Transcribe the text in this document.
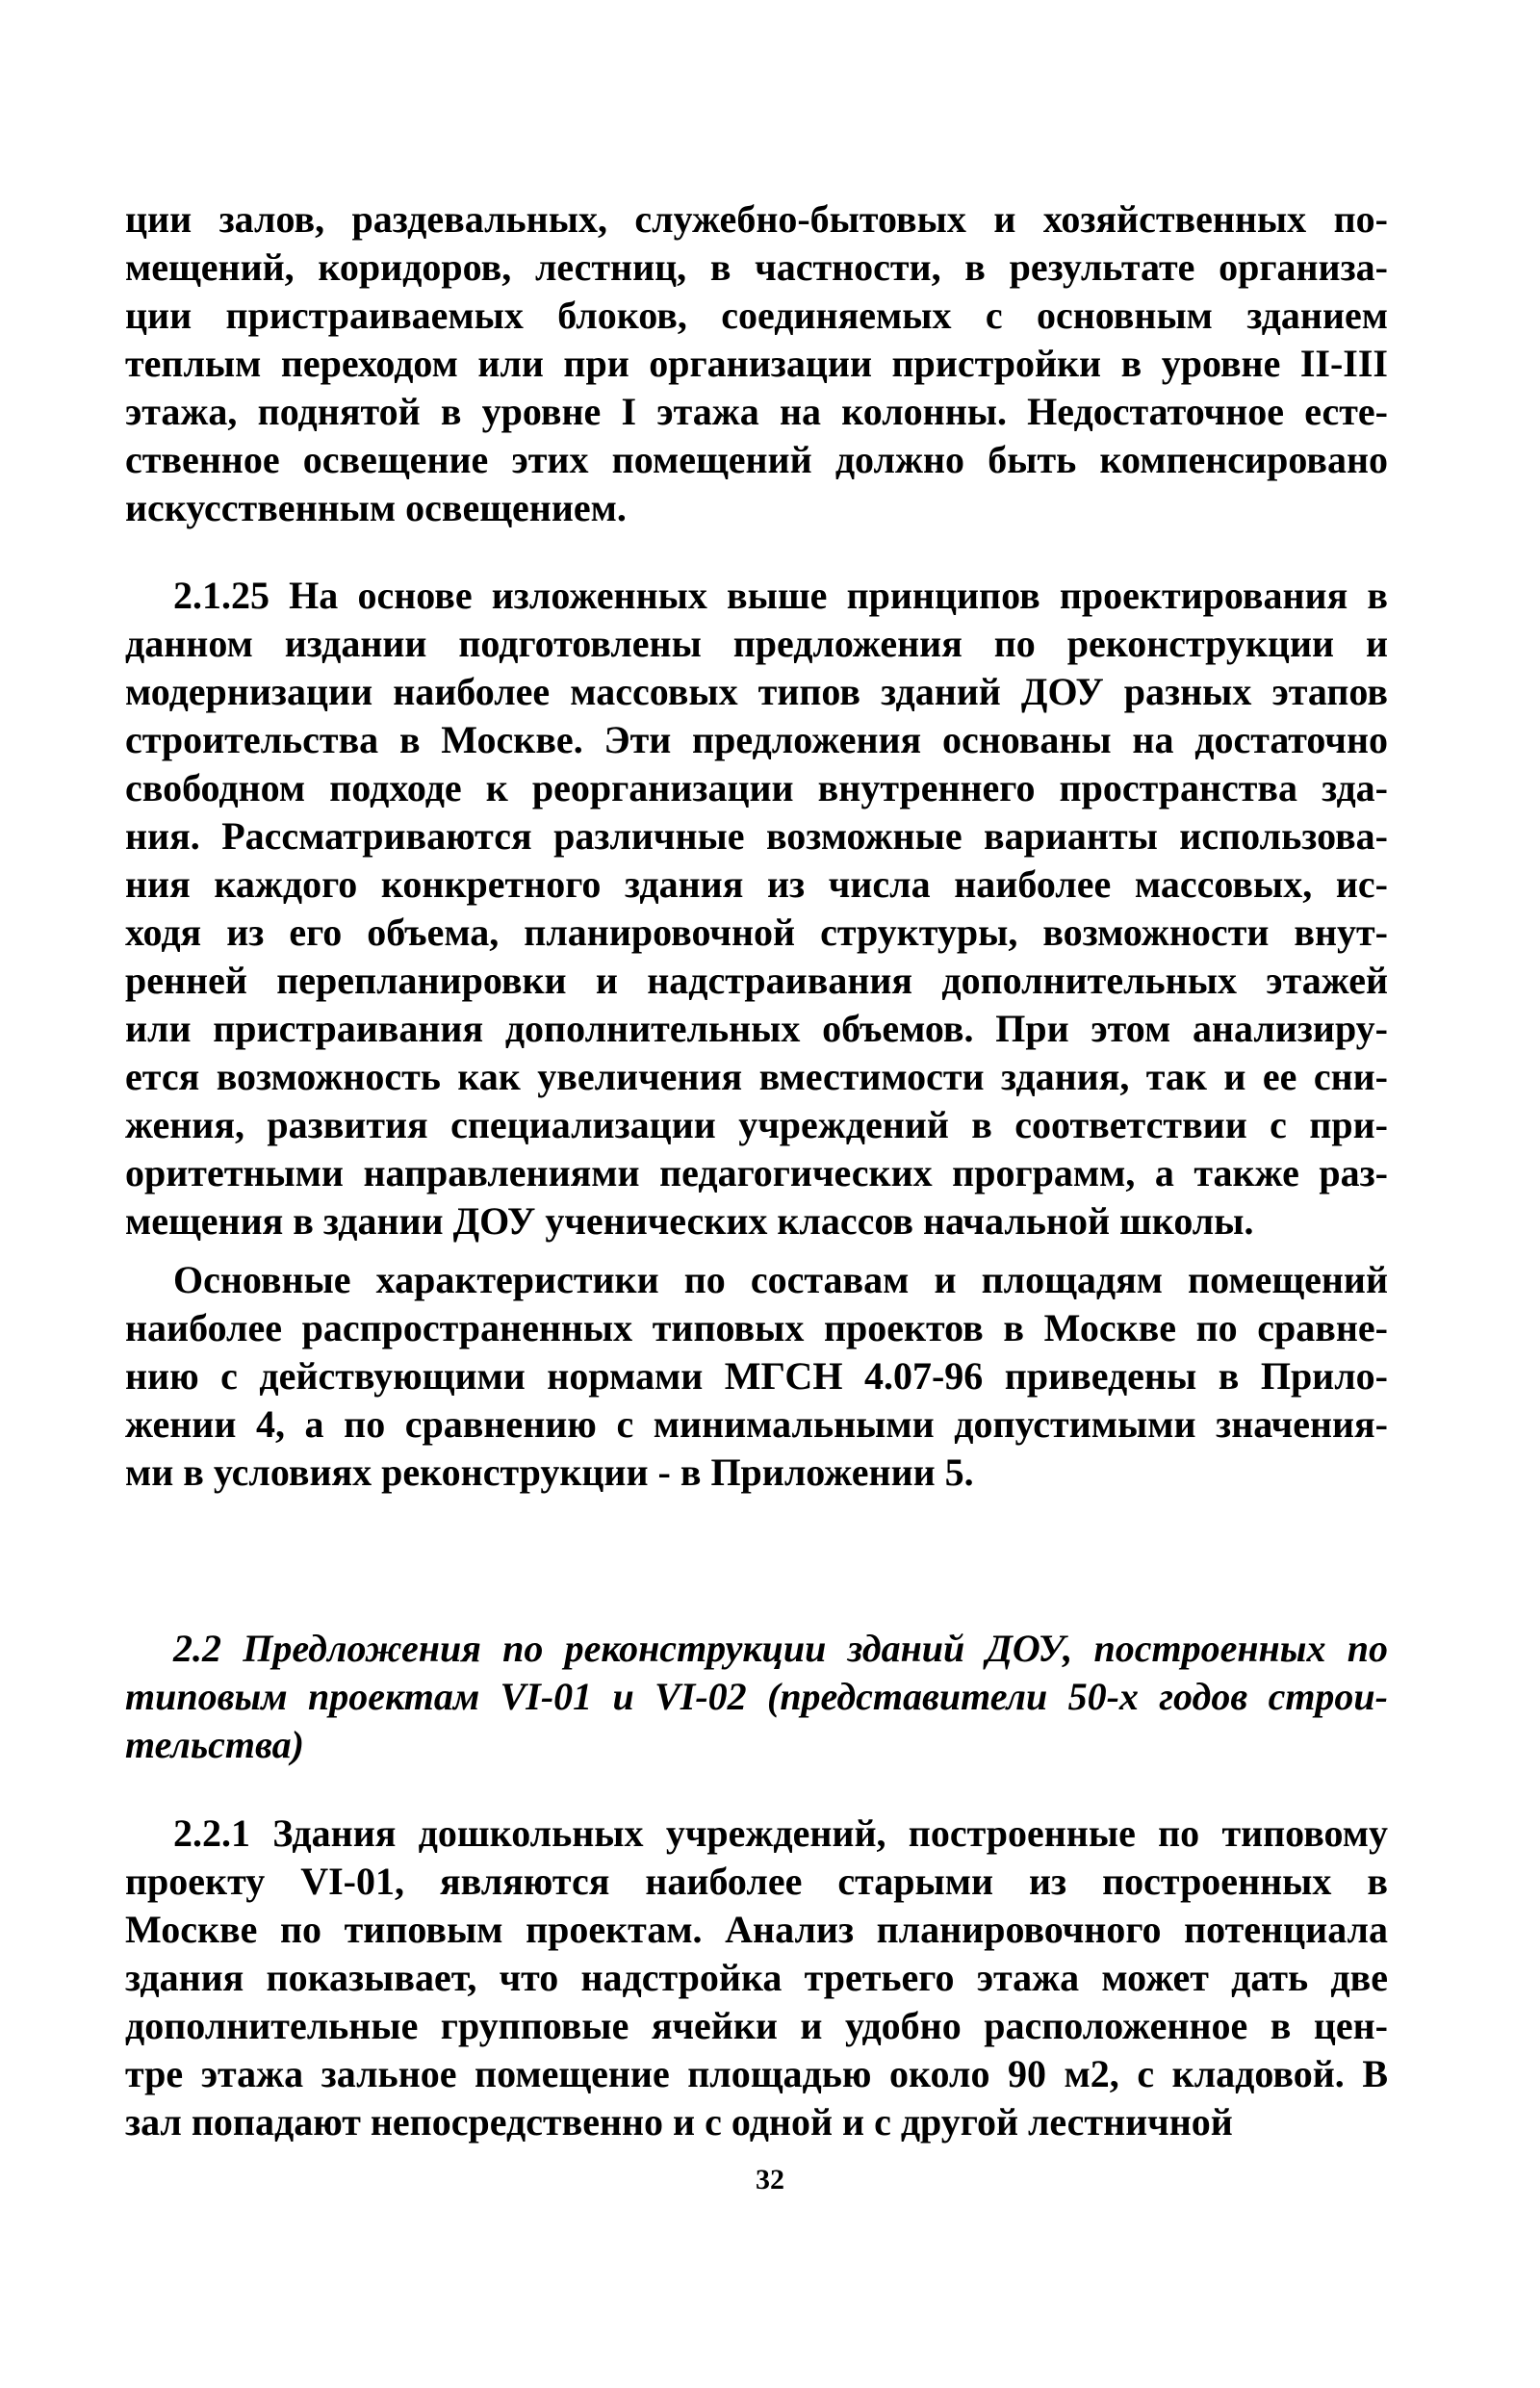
ции залов, раздевальных, служебно-бытовых и хозяйственных по-
мещений, коридоров, лестниц, в частности, в результате организа-
ции пристраиваемых блоков, соединяемых с основным зданием
теплым переходом или при организации пристройки в уровне II-III
этажа, поднятой в уровне I этажа на колонны. Недостаточное есте-
ственное освещение этих помещений должно быть компенсировано
искусственным освещением.
2.1.25 На основе изложенных выше принципов проектирования в
данном издании подготовлены предложения по реконструкции и
модернизации наиболее массовых типов зданий ДОУ разных этапов
строительства в Москве. Эти предложения основаны на достаточно
свободном подходе к реорганизации внутреннего пространства зда-
ния. Рассматриваются различные возможные варианты использова-
ния каждого конкретного здания из числа наиболее массовых, ис-
ходя из его объема, планировочной структуры, возможности внут-
ренней перепланировки и надстраивания дополнительных этажей
или пристраивания дополнительных объемов. При этом анализиру-
ется возможность как увеличения вместимости здания, так и ее сни-
жения, развития специализации учреждений в соответствии с при-
оритетными направлениями педагогических программ, а также раз-
мещения в здании ДОУ ученических классов начальной школы.
Основные характеристики по составам и площадям помещений
наиболее распространенных типовых проектов в Москве по сравне-
нию с действующими нормами МГСН 4.07-96 приведены в Прило-
жении 4, а по сравнению с минимальными допустимыми значения-
ми в условиях реконструкции - в Приложении 5.
2.2 Предложения по реконструкции зданий ДОУ, построенных по
типовым проектам VI-01 и VI-02 (представители 50-х годов строи-
тельства)
2.2.1 Здания дошкольных учреждений, построенные по типовому
проекту VI-01, являются наиболее старыми из построенных в
Москве по типовым проектам. Анализ планировочного потенциала
здания показывает, что надстройка третьего этажа может дать две
дополнительные групповые ячейки и удобно расположенное в цен-
тре этажа зальное помещение площадью около 90 м2, с кладовой. В
зал попадают непосредственно и с одной и с другой лестничной
32
